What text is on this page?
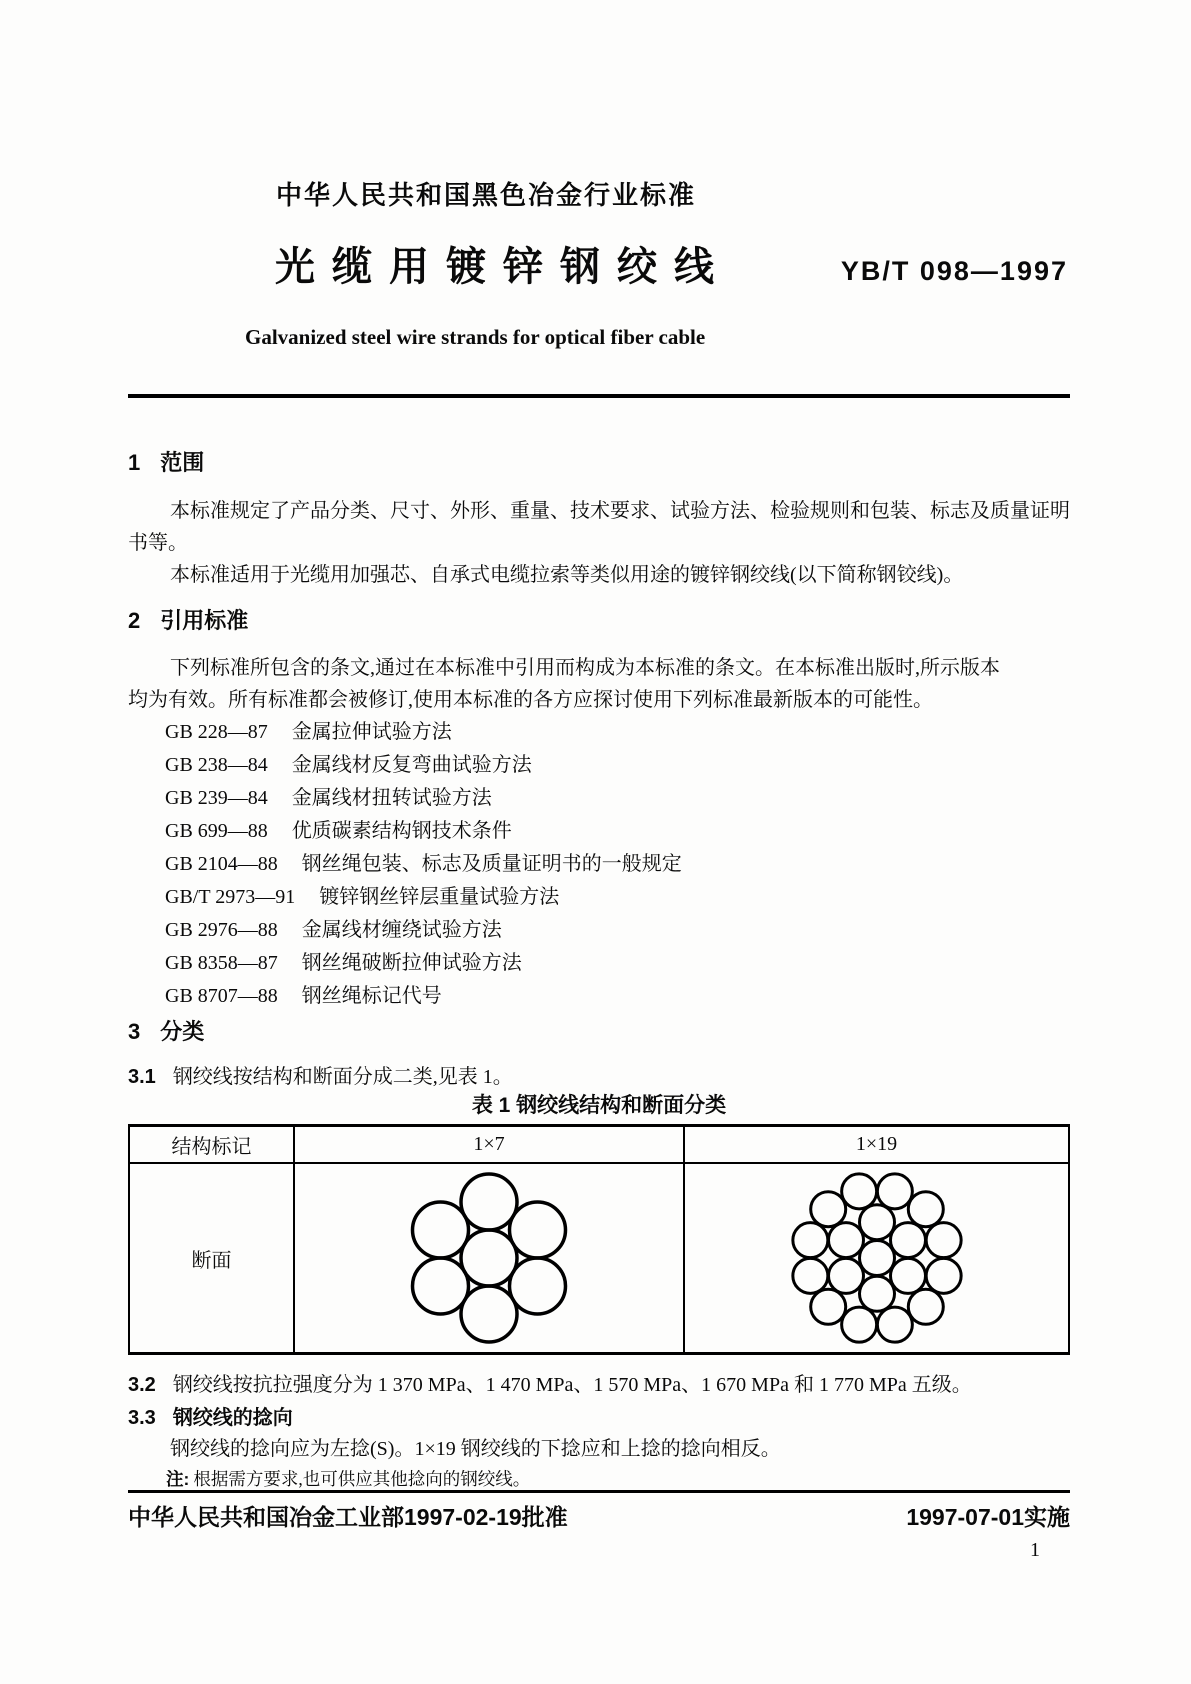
中华人民共和国黑色冶金行业标准
光缆用镀锌钢绞线	YB/T 098—1997
Galvanized steel wire strands for optical fiber cable
1 范围
本标准规定了产品分类、尺寸、外形、重量、技术要求、试验方法、检验规则和包装、标志及质量证明
书等。
本标准适用于光缆用加强芯、自承式电缆拉索等类似用途的镀锌钢绞线(以下简称钢铰线)。
2 引用标准
下列标准所包含的条文,通过在本标准中引用而构成为本标准的条文。在本标准出版时,所示版本
均为有效。所有标准都会被修订,使用本标准的各方应探讨使用下列标准最新版本的可能性。
GB 228—87 金属拉伸试验方法
GB 238—84 金属线材反复弯曲试验方法
GB 239—84 金属线材扭转试验方法
GB 699—88 优质碳素结构钢技术条件
GB 2104—88 钢丝绳包装、标志及质量证明书的一般规定
GB/T 2973—91 镀锌钢丝锌层重量试验方法
GB 2976—88 金属线材缠绕试验方法
GB 8358—87 钢丝绳破断拉伸试验方法
GB 8707—88 钢丝绳标记代号
3 分类
3.1 钢绞线按结构和断面分成二类,见表 1。
表 1 钢绞线结构和断面分类
结构标记	1×7	1×19
断面
3.2 钢绞线按抗拉强度分为 1 370 MPa、1 470 MPa、1 570 MPa、1 670 MPa 和 1 770 MPa 五级。
3.3 钢绞线的捻向
钢绞线的捻向应为左捻(S)。1×19 钢绞线的下捻应和上捻的捻向相反。
注: 根据需方要求,也可供应其他捻向的钢绞线。
中华人民共和国冶金工业部1997-02-19批准	1997-07-01实施
1
